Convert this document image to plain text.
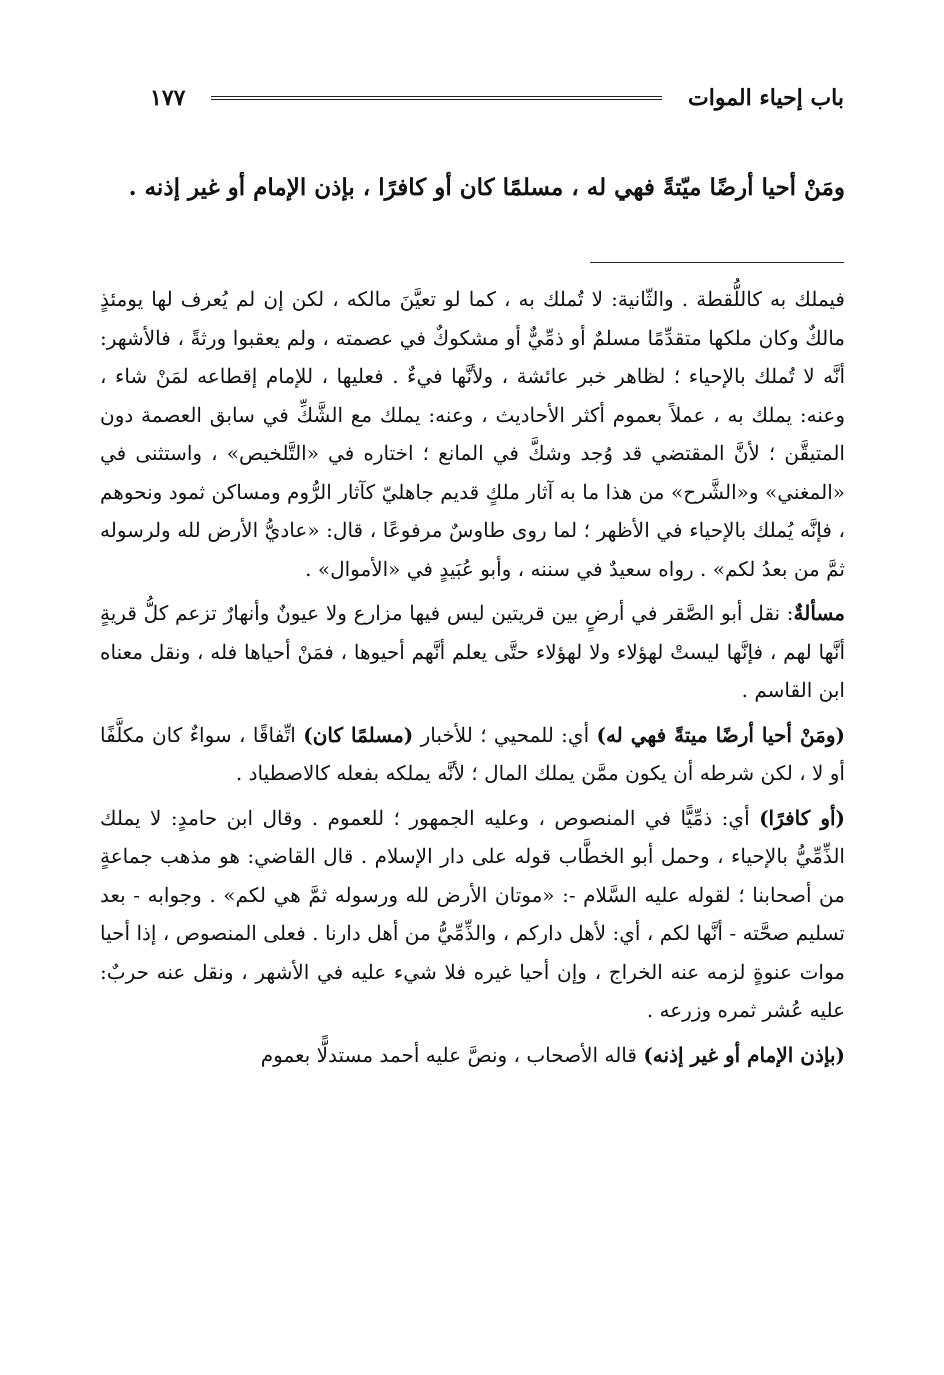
باب إحياء الموات
١٧٧
ومَنْ أحيا أرضًا ميّتةً فهي له ، مسلمًا كان أو كافرًا ، بإذن الإمام أو غير إذنه .

فيملك به كاللُّقطة . والثّانية: لا تُملك به ، كما لو تعيَّنَ مالكه ، لكن إن لم يُعرف لها يومئذٍ مالكٌ وكان ملكها متقدِّمًا مسلمٌ أو ذمِّيٌّ أو مشكوكٌ في عصمته ، ولم يعقبوا ورثةً ، فالأشهر: أنَّه لا تُملك بالإحياء ؛ لظاهر خبر عائشة ، ولأنَّها فيءٌ . فعليها ، للإمام إقطاعه لمَنْ شاء ، وعنه: يملك به ، عملاً بعموم أكثر الأحاديث ، وعنه: يملك مع الشَّكِّ في سابق العصمة دون المتيقَّن ؛ لأنَّ المقتضي قد وُجد وشكَّ في المانع ؛ اختاره في «التَّلخيص» ، واستثنى في «المغني» و«الشَّرح» من هذا ما به آثار ملكٍ قديم جاهليّ كآثار الرُّوم ومساكن ثمود ونحوهم ، فإنَّه يُملك بالإحياء في الأظهر ؛ لما روى طاوسٌ مرفوعًا ، قال: «عاديُّ الأرض لله ولرسوله ثمَّ من بعدُ لكم» . رواه سعيدٌ في سننه ، وأبو عُبَيدٍ في «الأموال» .

مسألةٌ: نقل أبو الصَّقر في أرضٍ بين قريتين ليس فيها مزارع ولا عيونٌ وأنهارٌ تزعم كلُّ قريةٍ أنَّها لهم ، فإنَّها ليستْ لهؤلاء ولا لهؤلاء حتَّى يعلم أنَّهم أحيوها ، فمَنْ أحياها فله ، ونقل معناه ابن القاسم .

(ومَنْ أحيا أرضًا ميتةً فهي له) أي: للمحيي ؛ للأخبار (مسلمًا كان) اتِّفاقًا ، سواءٌ كان مكلَّفًا أو لا ، لكن شرطه أن يكون ممَّن يملك المال ؛ لأنَّه يملكه بفعله كالاصطياد .

(أو كافرًا) أي: ذمِّيًّا في المنصوص ، وعليه الجمهور ؛ للعموم . وقال ابن حامدٍ: لا يملك الذِّمِّيُّ بالإحياء ، وحمل أبو الخطَّاب قوله على دار الإسلام . قال القاضي: هو مذهب جماعةٍ من أصحابنا ؛ لقوله عليه السَّلام -: «موتان الأرض لله ورسوله ثمَّ هي لكم» . وجوابه - بعد تسليم صحَّته - أنَّها لكم ، أي: لأهل داركم ، والذِّمِّيُّ من أهل دارنا . فعلى المنصوص ، إذا أحيا موات عنوةٍ لزمه عنه الخراج ، وإن أحيا غيره فلا شيء عليه في الأشهر ، ونقل عنه حربٌ: عليه عُشر ثمره وزرعه .

(بإذن الإمام أو غير إذنه) قاله الأصحاب ، ونصَّ عليه أحمد مستدلًّا بعموم
